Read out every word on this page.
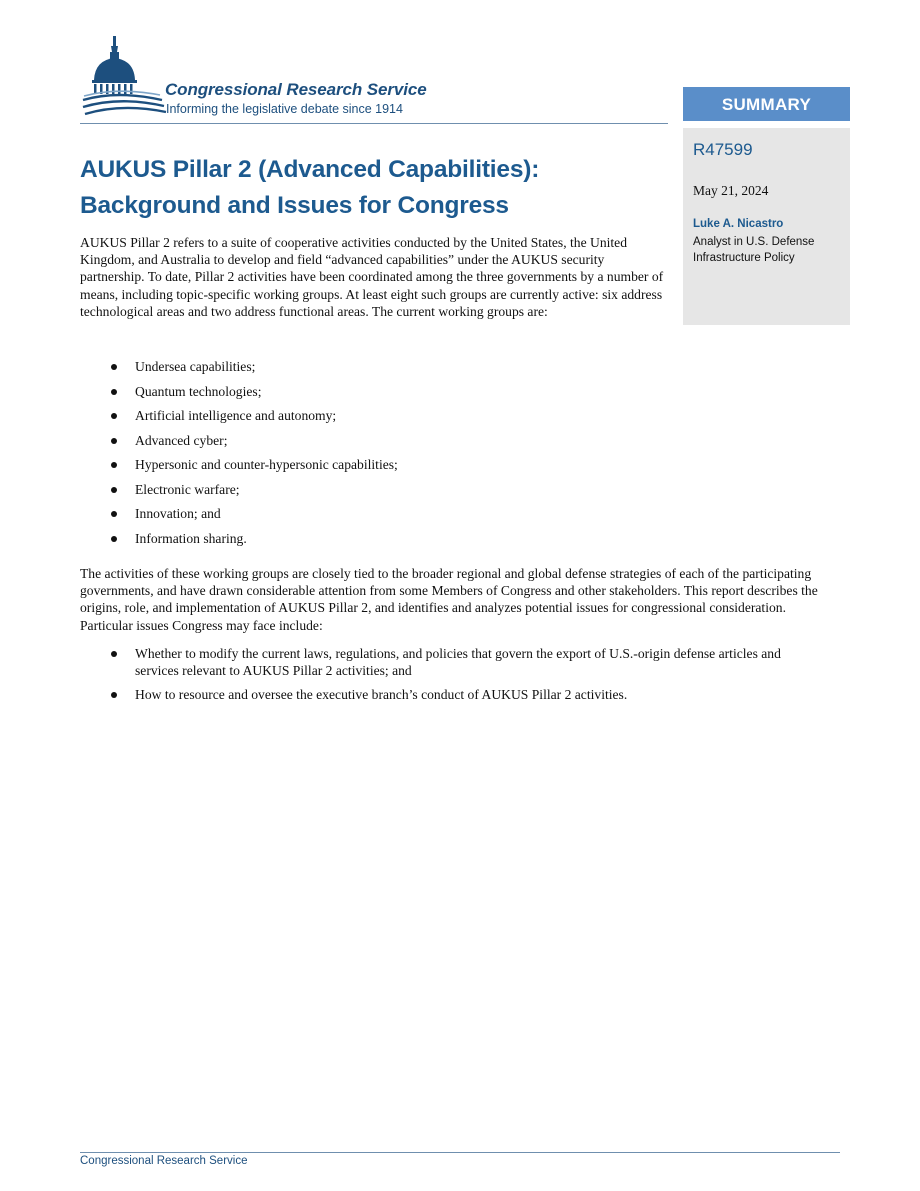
Congressional Research Service
Informing the legislative debate since 1914	SUMMARY
R47599
May 21, 2024
Luke A. Nicastro
Analyst in U.S. Defense Infrastructure Policy
AUKUS Pillar 2 (Advanced Capabilities): Background and Issues for Congress

AUKUS Pillar 2 refers to a suite of cooperative activities conducted by the United States, the United Kingdom, and Australia to develop and field “advanced capabilities” under the AUKUS security partnership. To date, Pillar 2 activities have been coordinated among the three governments by a number of means, including topic-specific working groups. At least eight such groups are currently active: six address technological areas and two address functional areas. The current working groups are:

Undersea capabilities;
Quantum technologies;
Artificial intelligence and autonomy;
Advanced cyber;
Hypersonic and counter-hypersonic capabilities;
Electronic warfare;
Innovation; and
Information sharing.

The activities of these working groups are closely tied to the broader regional and global defense strategies of each of the participating governments, and have drawn considerable attention from some Members of Congress and other stakeholders. This report describes the origins, role, and implementation of AUKUS Pillar 2, and identifies and analyzes potential issues for congressional consideration. Particular issues Congress may face include:

Whether to modify the current laws, regulations, and policies that govern the export of U.S.-origin defense articles and services relevant to AUKUS Pillar 2 activities; and
How to resource and oversee the executive branch’s conduct of AUKUS Pillar 2 activities.
Congressional Research Service
